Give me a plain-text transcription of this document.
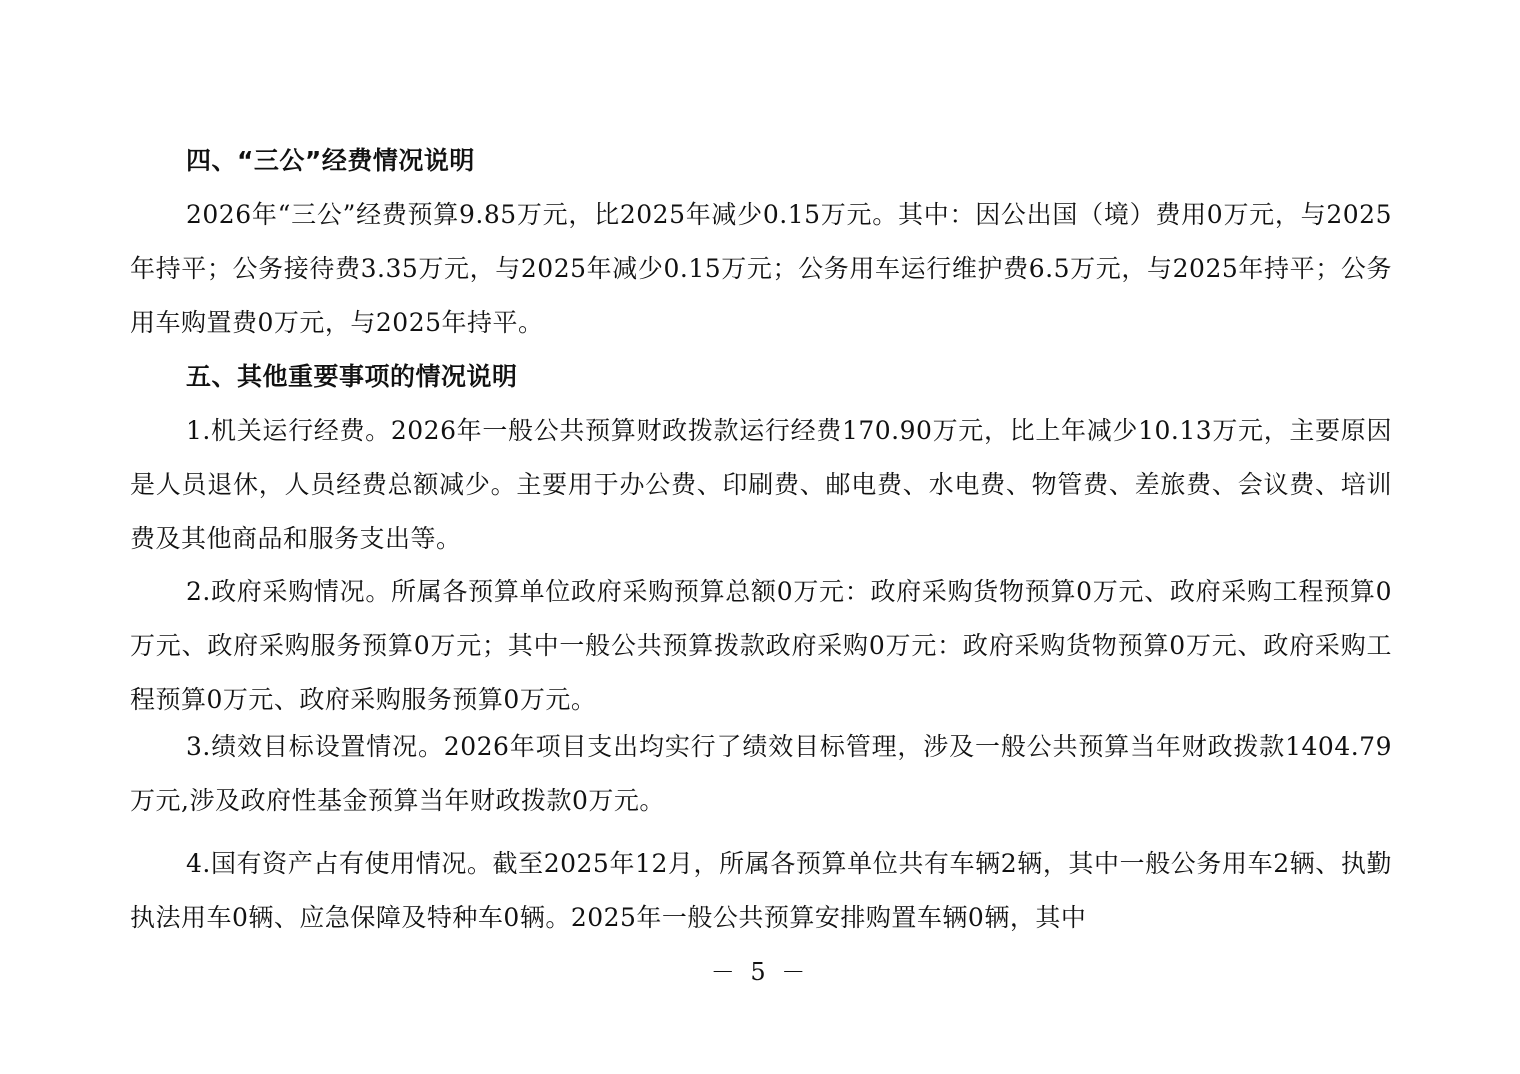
四、“三公”经费情况说明
2026年“三公”经费预算9.85万元，比2025年减少0.15万元。其中：因公出国（境）费用0万元，与2025年持平；公务接待费3.35万元，与2025年减少0.15万元；公务用车运行维护费6.5万元，与2025年持平；公务用车购置费0万元，与2025年持平。
五、其他重要事项的情况说明
1.机关运行经费。2026年一般公共预算财政拨款运行经费170.90万元，比上年减少10.13万元，主要原因是人员退休，人员经费总额减少。主要用于办公费、印刷费、邮电费、水电费、物管费、差旅费、会议费、培训费及其他商品和服务支出等。
2.政府采购情况。所属各预算单位政府采购预算总额0万元：政府采购货物预算0万元、政府采购工程预算0万元、政府采购服务预算0万元；其中一般公共预算拨款政府采购0万元：政府采购货物预算0万元、政府采购工程预算0万元、政府采购服务预算0万元。
3.绩效目标设置情况。2026年项目支出均实行了绩效目标管理，涉及一般公共预算当年财政拨款1404.79万元,涉及政府性基金预算当年财政拨款0万元。
4.国有资产占有使用情况。截至2025年12月，所属各预算单位共有车辆2辆，其中一般公务用车2辆、执勤执法用车0辆、应急保障及特种车0辆。2025年一般公共预算安排购置车辆0辆，其中
－ 5 －
